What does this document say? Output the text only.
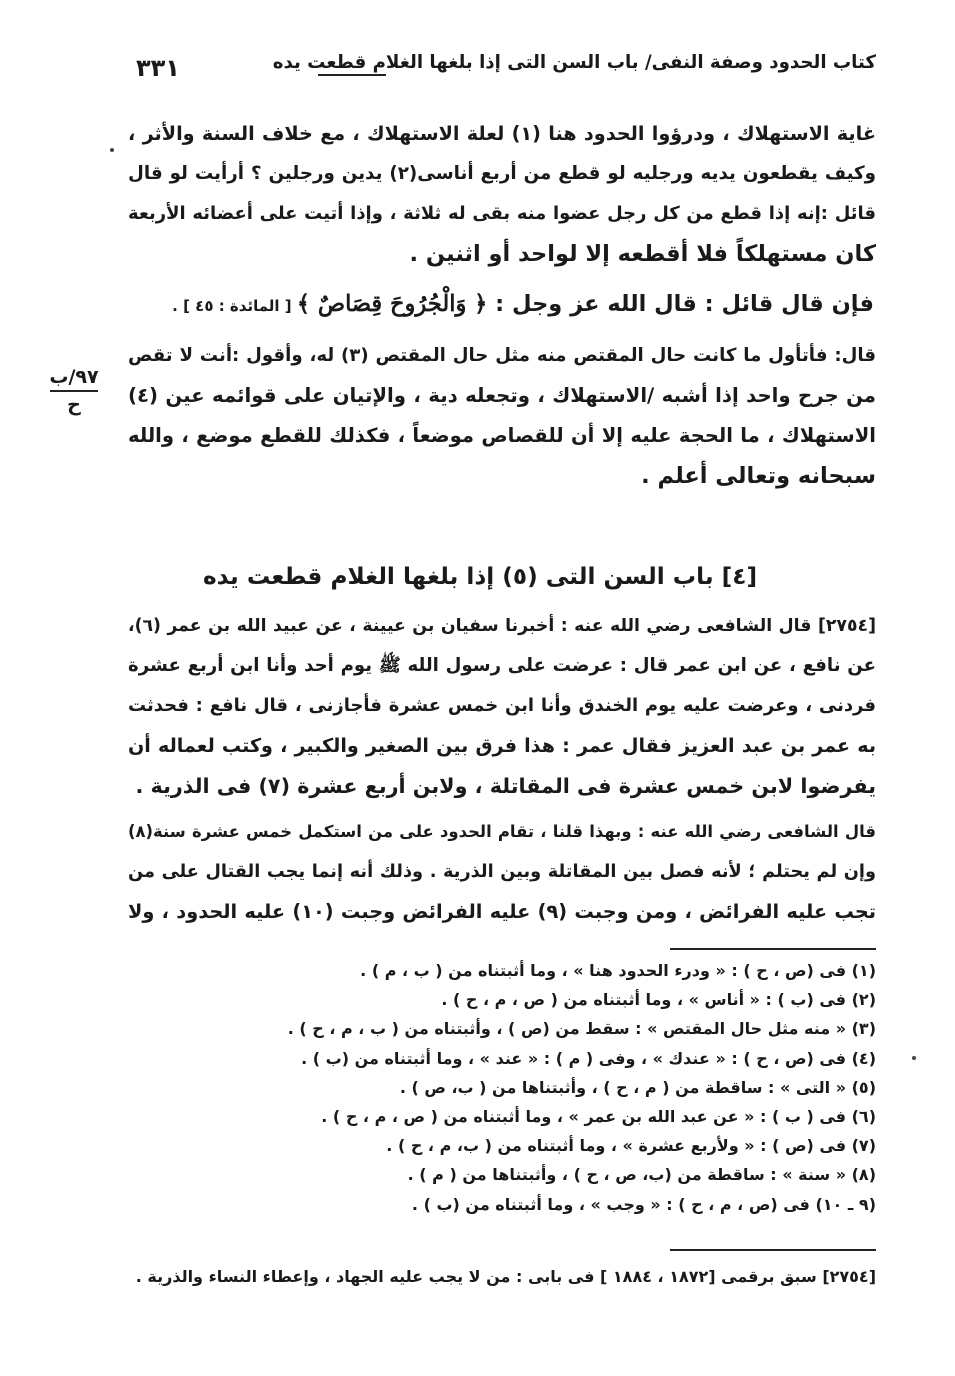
٣٣١	كتاب الحدود وصفة النفى/ باب السن التى إذا بلغها الغلام قطعت يده
غاية الاستهلاك ، ودرؤوا الحدود هنا (١) لعلة الاستهلاك ، مع خلاف السنة والأثر ،
وكيف يقطعون يديه ورجليه لو قطع من أربع أناسى(٢) يدين ورجلين ؟ أرأيت لو قال
قائل :إنه إذا قطع من كل رجل عضوا منه بقى له ثلاثة ، وإذا أتيت على أعضائه الأربعة
كان مستهلكاً فلا أقطعه إلا لواحد أو اثنين .
فإن قال قائل : قال الله عز وجل : ﴿ وَالْجُرُوحَ قِصَاصٌ ﴾ [ المائدة : ٤٥ ] .
٩٧/ب
ح
قال: فأتأول ما كانت حال المقتص منه مثل حال المقتص (٣) له، وأقول :أنت لا تقص
من جرح واحد إذا أشبه /الاستهلاك ، وتجعله دية ، والإتيان على قوائمه عين (٤)
الاستهلاك ، ما الحجة عليه إلا أن للقصاص موضعاً ، فكذلك للقطع موضع ، والله
سبحانه وتعالى أعلم .
[٤] باب السن التى (٥) إذا بلغها الغلام قطعت يده
[٢٧٥٤] قال الشافعى رضي الله عنه : أخبرنا سفيان بن عيينة ، عن عبيد الله بن عمر (٦)،
عن نافع ، عن ابن عمر قال : عرضت على رسول الله ﷺ يوم أحد وأنا ابن أربع عشرة
فردنى ، وعرضت عليه يوم الخندق وأنا ابن خمس عشرة فأجازنى ، قال نافع : فحدثت
به عمر بن عبد العزيز فقال عمر : هذا فرق بين الصغير والكبير ، وكتب لعماله أن
يفرضوا لابن خمس عشرة فى المقاتلة ، ولابن أربع عشرة (٧) فى الذرية .
قال الشافعى رضي الله عنه : وبهذا قلنا ، تقام الحدود على من استكمل خمس عشرة سنة(٨)
وإن لم يحتلم ؛ لأنه فصل بين المقاتلة وبين الذرية . وذلك أنه إنما يجب القتال على من
تجب عليه الفرائض ، ومن وجبت (٩) عليه الفرائض وجبت (١٠) عليه الحدود ، ولا
(١) فى (ص ، ح ) : « ودرء الحدود هنا » ، وما أثبتناه من ( ب ، م ) .
(٢) فى (ب ) : « أناس » ، وما أثبتناه من ( ص ، م ، ح ) .
(٣) « منه مثل حال المقتص » : سقط من (ص ) ، وأثبتناه من ( ب ، م ، ح ) .
(٤) فى (ص ، ح ) : « عندك » ، وفى ( م ) : « عند » ، وما أثبتناه من (ب ) .
(٥) « التى » : ساقطة من ( م ، ح ) ، وأثبتناها من ( ب، ص ) .
(٦) فى ( ب ) : « عن عبد الله بن عمر » ، وما أثبتناه من ( ص ، م ، ح ) .
(٧) فى (ص ) : « ولأربع عشرة » ، وما أثبتناه من ( ب، م ، ح ) .
(٨) « سنة » : ساقطة من (ب، ص ، ح ) ، وأثبتناها من ( م ) .
(٩ ـ ١٠) فى (ص ، م ، ح ) : « وجب » ، وما أثبتناه من (ب ) .
[٢٧٥٤] سبق برقمى [١٨٧٢ ، ١٨٨٤ ] فى بابى : من لا يجب عليه الجهاد ، وإعطاء النساء والذرية .
